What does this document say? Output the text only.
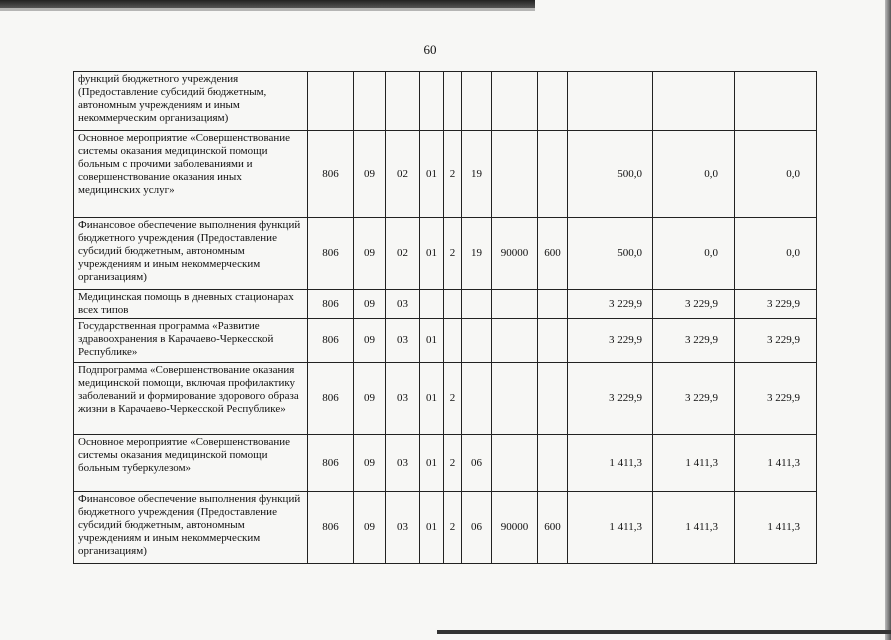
60
функций бюджетного учреждения (Предоставление субсидий бюджетным, автономным учреждениям и иным некоммерческим организациям)											
Основное мероприятие «Совершенствование системы оказания медицинской помощи больным с прочими заболеваниями и совершенствование оказания иных медицинских услуг»	806	09	02	01	2	19			500,0	0,0	0,0
Финансовое обеспечение выполнения функций бюджетного учреждения (Предоставление субсидий бюджетным, автономным учреждениям и иным некоммерческим организациям)	806	09	02	01	2	19	90000	600	500,0	0,0	0,0
Медицинская помощь в дневных стационарах всех типов	806	09	03						3 229,9	3 229,9	3 229,9
Государственная программа «Развитие здравоохранения в Карачаево-Черкесской Республике»	806	09	03	01					3 229,9	3 229,9	3 229,9
Подпрограмма «Совершенствование оказания медицинской помощи, включая профилактику заболеваний и формирование здорового образа жизни в Карачаево-Черкесской Республике»	806	09	03	01	2				3 229,9	3 229,9	3 229,9
Основное мероприятие «Совершенствование системы оказания медицинской помощи больным туберкулезом»	806	09	03	01	2	06			1 411,3	1 411,3	1 411,3
Финансовое обеспечение выполнения функций бюджетного учреждения (Предоставление субсидий бюджетным, автономным учреждениям и иным некоммерческим организациям)	806	09	03	01	2	06	90000	600	1 411,3	1 411,3	1 411,3
